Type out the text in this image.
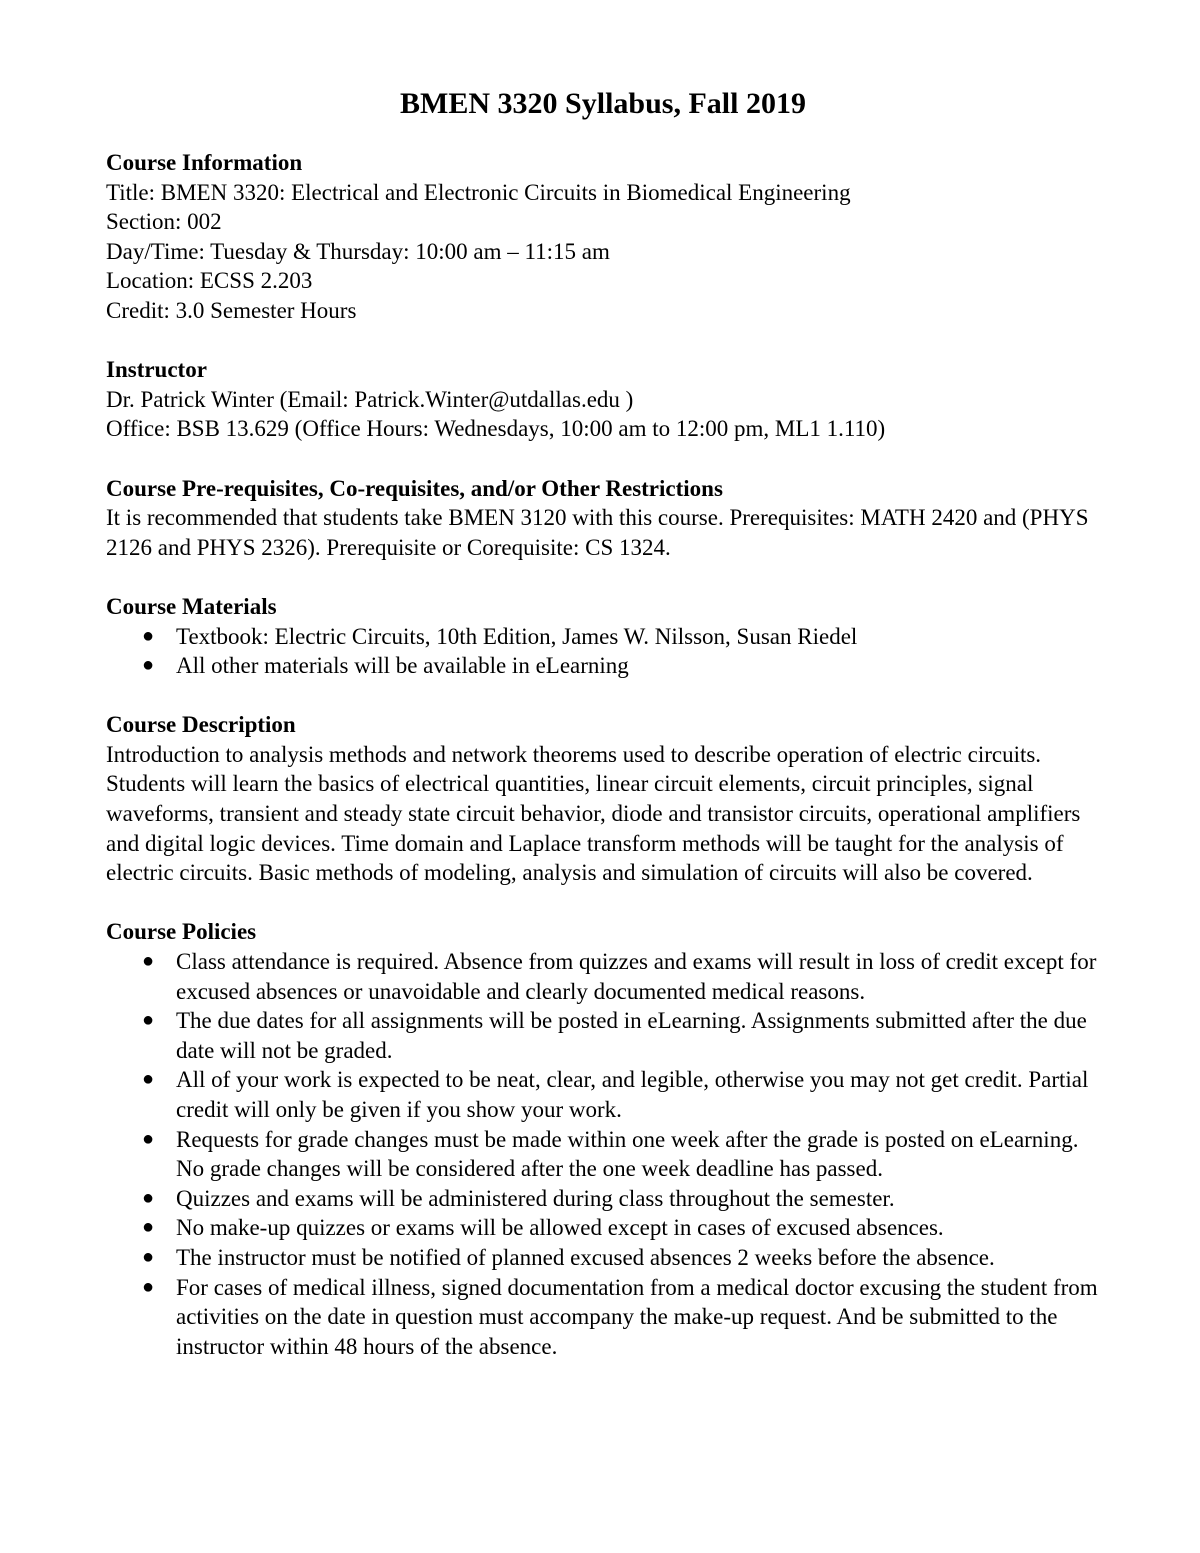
BMEN 3320 Syllabus, Fall 2019

Course Information

Title: BMEN 3320: Electrical and Electronic Circuits in Biomedical Engineering

Section: 002

Day/Time: Tuesday & Thursday: 10:00 am – 11:15 am

Location: ECSS 2.203

Credit: 3.0 Semester Hours

Instructor

Dr. Patrick Winter (Email: Patrick.Winter@utdallas.edu )

Office: BSB 13.629 (Office Hours: Wednesdays, 10:00 am to 12:00 pm, ML1 1.110)

Course Pre-requisites, Co-requisites, and/or Other Restrictions

It is recommended that students take BMEN 3120 with this course. Prerequisites: MATH 2420 and (PHYS 2126 and PHYS 2326). Prerequisite or Corequisite: CS 1324.

Course Materials

● Textbook: Electric Circuits, 10th Edition, James W. Nilsson, Susan Riedel
● All other materials will be available in eLearning

Course Description

Introduction to analysis methods and network theorems used to describe operation of electric circuits. Students will learn the basics of electrical quantities, linear circuit elements, circuit principles, signal waveforms, transient and steady state circuit behavior, diode and transistor circuits, operational amplifiers and digital logic devices. Time domain and Laplace transform methods will be taught for the analysis of electric circuits. Basic methods of modeling, analysis and simulation of circuits will also be covered.

Course Policies

● Class attendance is required. Absence from quizzes and exams will result in loss of credit except for excused absences or unavoidable and clearly documented medical reasons.
● The due dates for all assignments will be posted in eLearning. Assignments submitted after the due date will not be graded.
● All of your work is expected to be neat, clear, and legible, otherwise you may not get credit. Partial credit will only be given if you show your work.
● Requests for grade changes must be made within one week after the grade is posted on eLearning. No grade changes will be considered after the one week deadline has passed.
● Quizzes and exams will be administered during class throughout the semester.
● No make-up quizzes or exams will be allowed except in cases of excused absences.
● The instructor must be notified of planned excused absences 2 weeks before the absence.
● For cases of medical illness, signed documentation from a medical doctor excusing the student from activities on the date in question must accompany the make-up request. And be submitted to the instructor within 48 hours of the absence.
